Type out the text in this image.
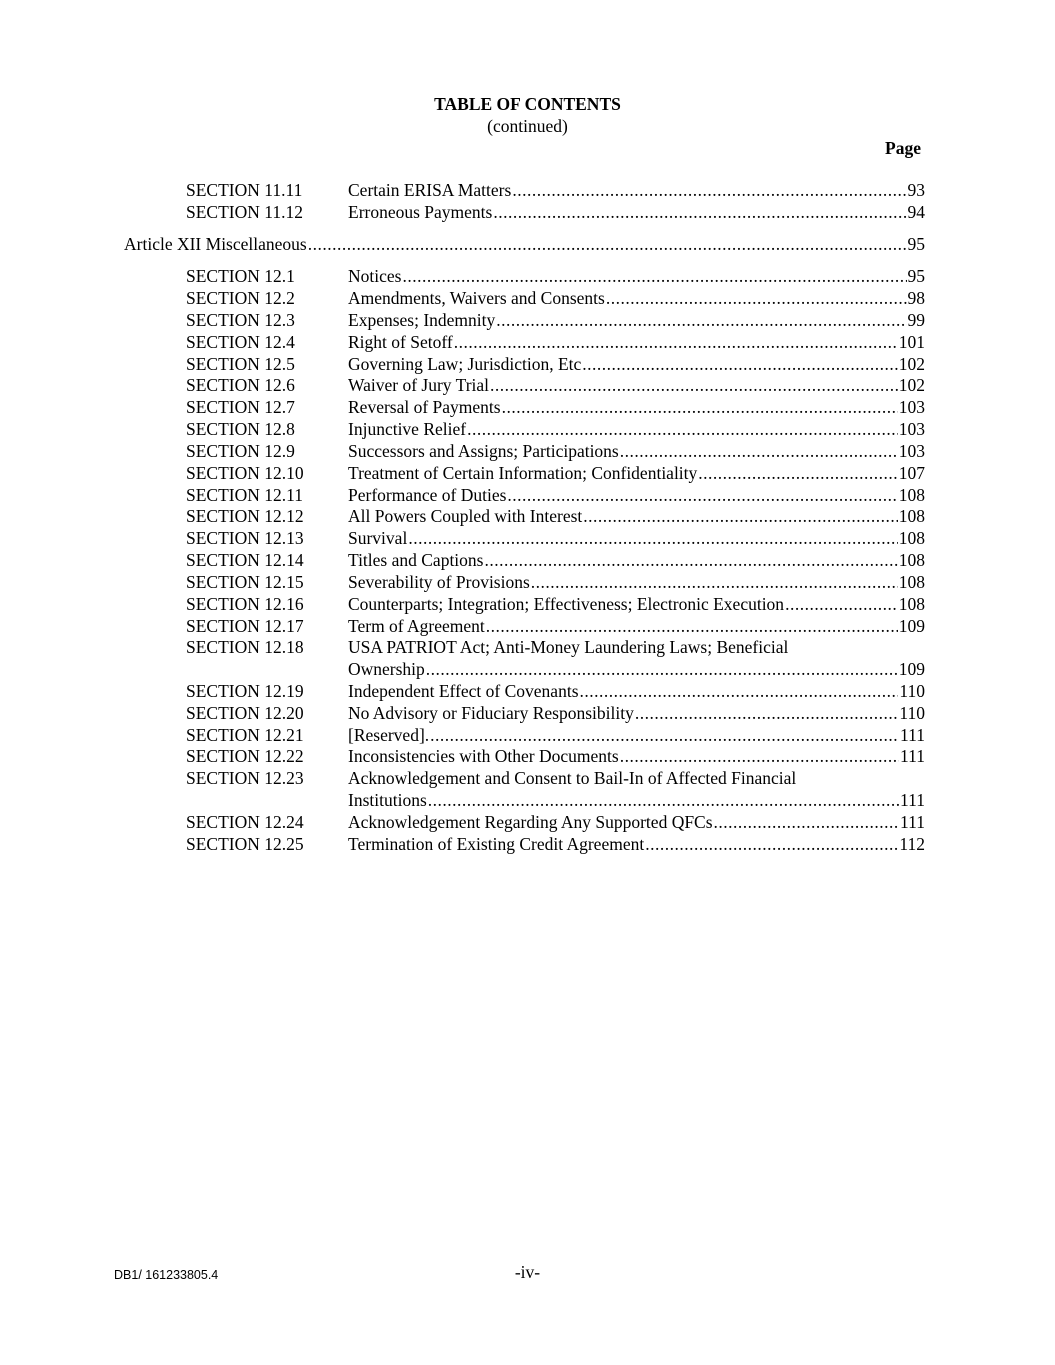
TABLE OF CONTENTS
(continued)
Page
SECTION 11.11	Certain ERISA Matters .....	93
SECTION 11.12	Erroneous Payments .....	94
Article XII Miscellaneous .....	95
SECTION 12.1	Notices .....	95
SECTION 12.2	Amendments, Waivers and Consents .....	98
SECTION 12.3	Expenses; Indemnity .....	99
SECTION 12.4	Right of Setoff .....	101
SECTION 12.5	Governing Law; Jurisdiction, Etc .....	102
SECTION 12.6	Waiver of Jury Trial .....	102
SECTION 12.7	Reversal of Payments .....	103
SECTION 12.8	Injunctive Relief .....	103
SECTION 12.9	Successors and Assigns; Participations .....	103
SECTION 12.10	Treatment of Certain Information; Confidentiality .....	107
SECTION 12.11	Performance of Duties .....	108
SECTION 12.12	All Powers Coupled with Interest .....	108
SECTION 12.13	Survival .....	108
SECTION 12.14	Titles and Captions .....	108
SECTION 12.15	Severability of Provisions .....	108
SECTION 12.16	Counterparts; Integration; Effectiveness; Electronic Execution .....	108
SECTION 12.17	Term of Agreement .....	109
SECTION 12.18	USA PATRIOT Act; Anti-Money Laundering Laws; Beneficial
Ownership .....	109
SECTION 12.19	Independent Effect of Covenants .....	110
SECTION 12.20	No Advisory or Fiduciary Responsibility .....	110
SECTION 12.21	[Reserved]. .....	111
SECTION 12.22	Inconsistencies with Other Documents .....	111
SECTION 12.23	Acknowledgement and Consent to Bail-In of Affected Financial
Institutions .....	111
SECTION 12.24	Acknowledgement Regarding Any Supported QFCs .....	111
SECTION 12.25	Termination of Existing Credit Agreement .....	112
DB1/ 161233805.4	-iv-
